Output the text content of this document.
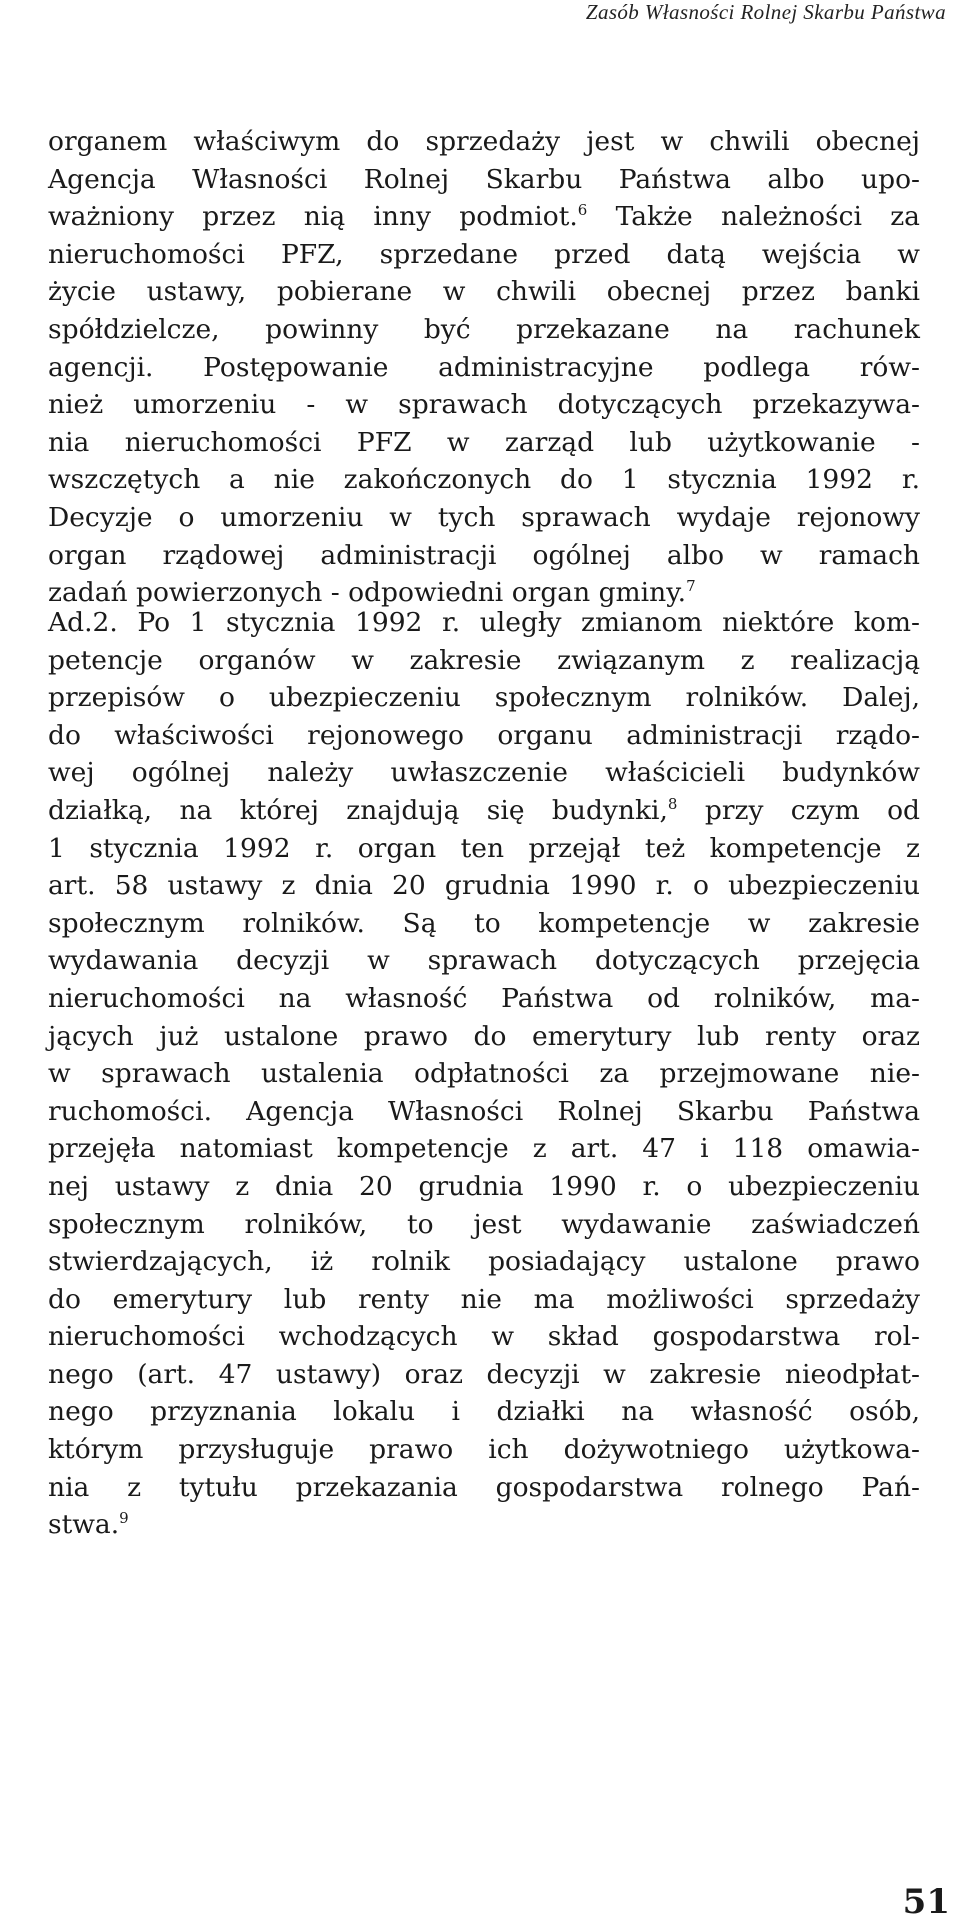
Zasób Własności Rolnej Skarbu Państwa
organem właściwym do sprzedaży jest w chwili obecnej
Agencja Własności Rolnej Skarbu Państwa albo upo-
ważniony przez nią inny podmiot.$^6$ Także należności za
nieruchomości PFZ, sprzedane przed datą wejścia w
życie ustawy, pobierane w chwili obecnej przez banki
spółdzielcze, powinny być przekazane na rachunek
agencji. Postępowanie administracyjne podlega rów-
nież umorzeniu - w sprawach dotyczących przekazywa-
nia nieruchomości PFZ w zarząd lub użytkowanie -
wszczętych a nie zakończonych do 1 stycznia 1992 r.
Decyzje o umorzeniu w tych sprawach wydaje rejonowy
organ rządowej administracji ogólnej albo w ramach
zadań powierzonych - odpowiedni organ gminy.$^7$
Ad.2. Po 1 stycznia 1992 r. uległy zmianom niektóre kom-
petencje organów w zakresie związanym z realizacją
przepisów o ubezpieczeniu społecznym rolników. Dalej,
do właściwości rejonowego organu administracji rządo-
wej ogólnej należy uwłaszczenie właścicieli budynków
działką, na której znajdują się budynki,$^8$ przy czym od
1 stycznia 1992 r. organ ten przejął też kompetencje z
art. 58 ustawy z dnia 20 grudnia 1990 r. o ubezpieczeniu
społecznym rolników. Są to kompetencje w zakresie
wydawania decyzji w sprawach dotyczących przejęcia
nieruchomości na własność Państwa od rolników, ma-
jących już ustalone prawo do emerytury lub renty oraz
w sprawach ustalenia odpłatności za przejmowane nie-
ruchomości. Agencja Własności Rolnej Skarbu Państwa
przejęła natomiast kompetencje z art. 47 i 118 omawia-
nej ustawy z dnia 20 grudnia 1990 r. o ubezpieczeniu
społecznym rolników, to jest wydawanie zaświadczeń
stwierdzających, iż rolnik posiadający ustalone prawo
do emerytury lub renty nie ma możliwości sprzedaży
nieruchomości wchodzących w skład gospodarstwa rol-
nego (art. 47 ustawy) oraz decyzji w zakresie nieodpłat-
nego przyznania lokalu i działki na własność osób,
którym przysługuje prawo ich dożywotniego użytkowa-
nia z tytułu przekazania gospodarstwa rolnego Pań-
stwa.$^9$
51
